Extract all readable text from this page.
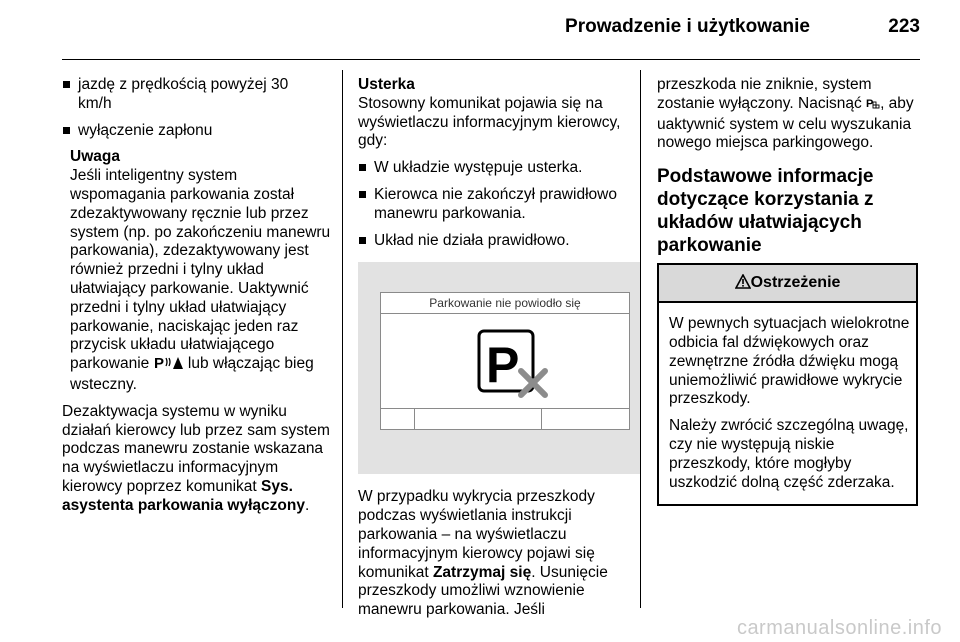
Prowadzenie i użytkowanie	223
jazdę z prędkością powyżej 30 km/h
wyłączenie zapłonu
Uwaga
Jeśli inteligentny system wspomagania parkowania został zdezaktywowany ręcznie lub przez system (np. po zakończeniu manewru parkowania), zdezaktywowany jest również przedni i tylny układ ułatwiający parkowanie. Uaktywnić przedni i tylny układ ułatwiający parkowanie, naciskając jeden raz przycisk układu ułatwiającego parkowanie P lub włączając bieg wsteczny.

Dezaktywacja systemu w wyniku działań kierowcy lub przez sam system podczas manewru zostanie wskazana na wyświetlaczu informacyjnym kierowcy poprzez komunikat Sys. asystenta parkowania wyłączony.

Usterka

Stosowny komunikat pojawia się na wyświetlaczu informacyjnym kierowcy, gdy:

W układzie występuje usterka.
Kierowca nie zakończył prawidłowo manewru parkowania.
Układ nie działa prawidłowo.
Parkowanie nie powiodło się
P

W przypadku wykrycia przeszkody podczas wyświetlania instrukcji parkowania – na wyświetlaczu informacyjnym kierowcy pojawi się komunikat Zatrzymaj się. Usunięcie przeszkody umożliwi wznowienie manewru parkowania. Jeśli

przeszkoda nie zniknie, system zostanie wyłączony. Nacisnąć P , aby uaktywnić system w celu wyszukania nowego miejsca parkingowego.

Podstawowe informacje dotyczące korzystania z układów ułatwiających parkowanie
Ostrzeżenie

W pewnych sytuacjach wielokrotne odbicia fal dźwiękowych oraz zewnętrzne źródła dźwięku mogą uniemożliwić prawidłowe wykrycie przeszkody.

Należy zwrócić szczególną uwagę, czy nie występują niskie przeszkody, które mogłyby uszkodzić dolną część zderzaka.

carmanualsonline.info
